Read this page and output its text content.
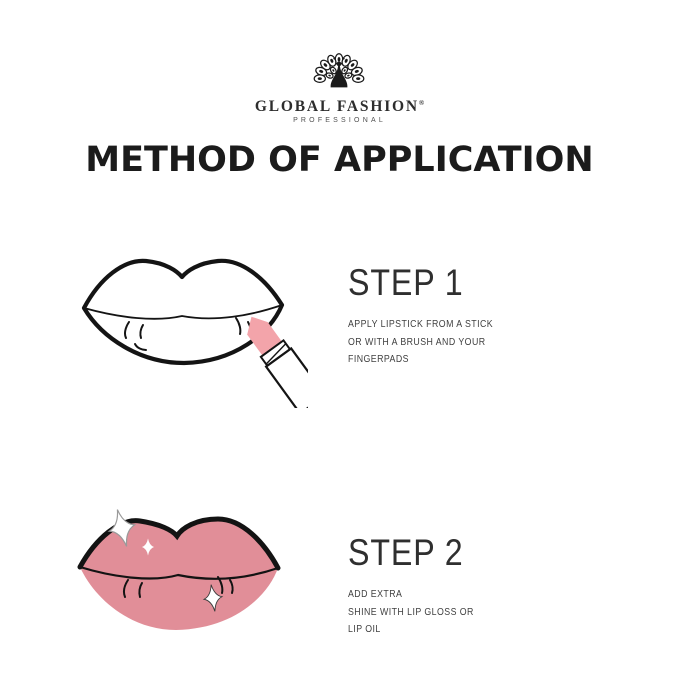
GLOBAL FASHION®
PROFESSIONAL
METHOD OF APPLICATION
STEP 1

APPLY LIPSTICK FROM A STICK
OR WITH A BRUSH AND YOUR
FINGERPADS

STEP 2

ADD EXTRA
SHINE WITH LIP GLOSS OR
LIP OIL
